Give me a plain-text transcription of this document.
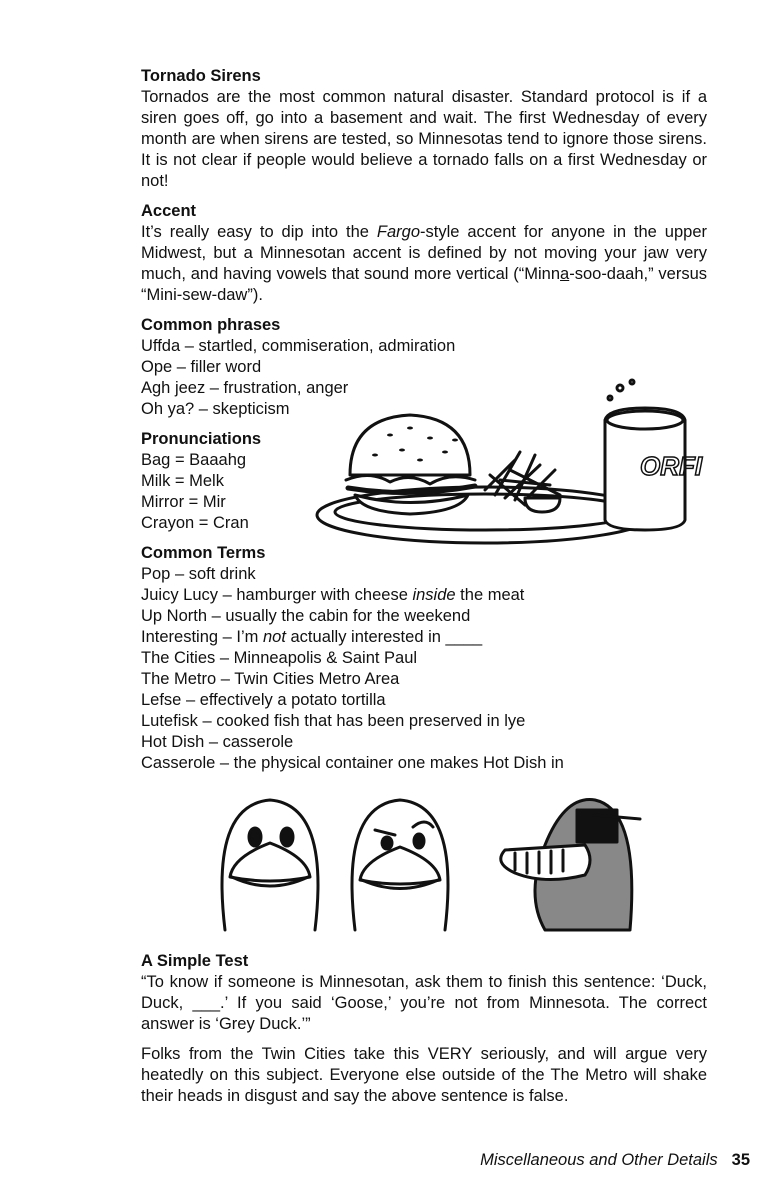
Tornado Sirens

Tornados are the most common natural disaster. Standard protocol is if a siren goes off, go into a basement and wait. The first Wednesday of every month are when sirens are tested, so Minnesotas tend to ignore those sirens. It is not clear if people would believe a tornado falls on a first Wednesday or not!

Accent

It’s really easy to dip into the Fargo-style accent for anyone in the upper Midwest, but a Minnesotan accent is defined by not moving your jaw very much, and having vowels that sound more vertical (“Minna-soo-daah,” versus “Mini-sew-daw”).

Common phrases

Uffda – startled, commiseration, admiration
Ope – filler word
Agh jeez – frustration, anger
Oh ya? – skepticism

Pronunciations

Bag = Baaahg
Milk = Melk
Mirror = Mir
Crayon = Cran

Common Terms

Pop – soft drink
Juicy Lucy – hamburger with cheese inside the meat
Up North – usually the cabin for the weekend
Interesting – I’m not actually interested in ____
The Cities – Minneapolis & Saint Paul
The Metro – Twin Cities Metro Area
Lefse – effectively a potato tortilla
Lutefisk – cooked fish that has been preserved in lye
Hot Dish – casserole
Casserole – the physical container one makes Hot Dish in

A Simple Test

“To know if someone is Minnesotan, ask them to finish this sentence: ‘Duck, Duck, ___.’ If you said ‘Goose,’ you’re not from Minnesota. The correct answer is ‘Grey Duck.’”

Folks from the Twin Cities take this VERY seriously, and will argue very heatedly on this subject. Everyone else outside of the The Metro will shake their heads in disgust and say the above sentence is false.

ORFI
Miscellaneous and Other Details 35
